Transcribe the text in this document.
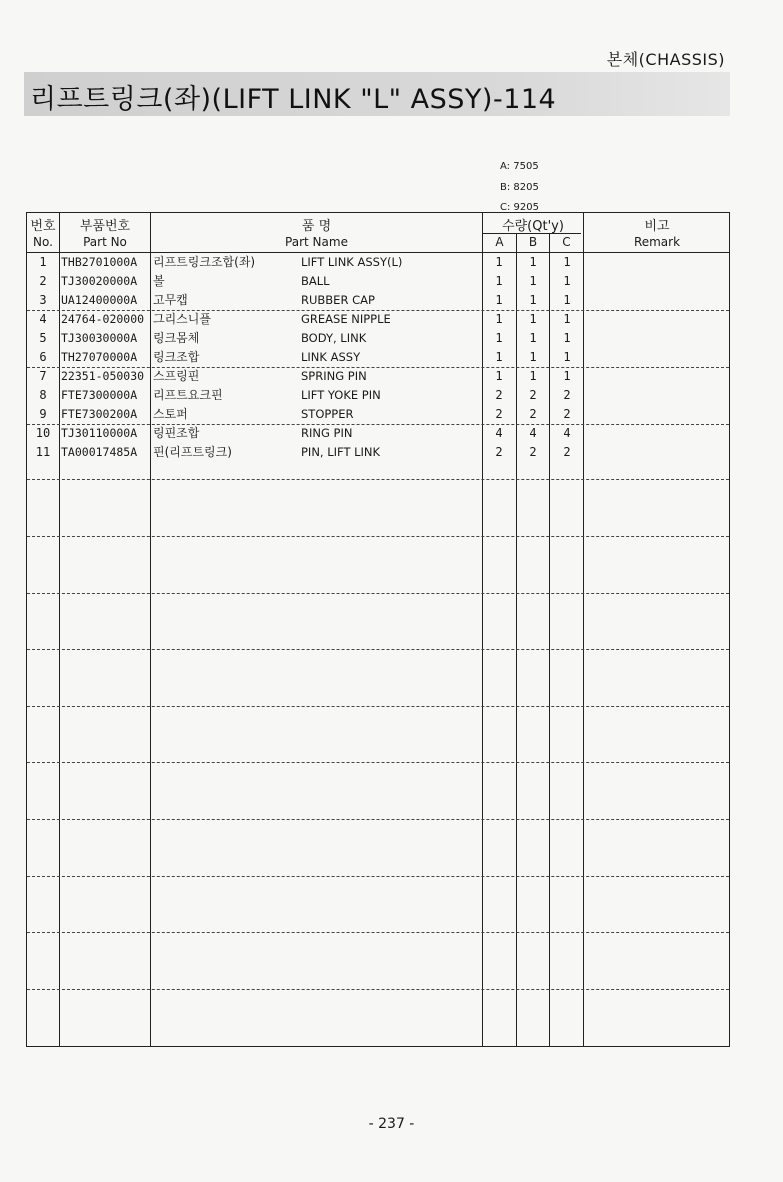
본체(CHASSIS)
리프트링크(좌)(LIFT LINK "L" ASSY)-114
A: 7505
B: 8205
C: 9205
번호
No.
부품번호
Part No
품 명
Part Name
수량(Qt'y)
A	B	C
비고
Remark
1	THB2701000A 리프트링크조합(좌)	LIFT LINK ASSY(L)	1	1	1
2	TJ30020000A 볼	BALL	1	1	1
3	UA12400000A 고무캡	RUBBER CAP	1	1	1
4	24764-020000 그리스니플	GREASE NIPPLE	1	1	1
5	TJ30030000A 링크몸체	BODY, LINK	1	1	1
6	TH27070000A 링크조합	LINK ASSY	1	1	1
7	22351-050030 스프링핀	SPRING PIN	1	1	1
8	FTE7300000A 리프트요크핀	LIFT YOKE PIN	2	2	2
9	FTE7300200A 스토퍼	STOPPER	2	2	2
10 TJ30110000A 링핀조합	RING PIN	4	4	4
11 TA00017485A 핀(리프트링크)	PIN, LIFT LINK	2	2	2
- 237 -
